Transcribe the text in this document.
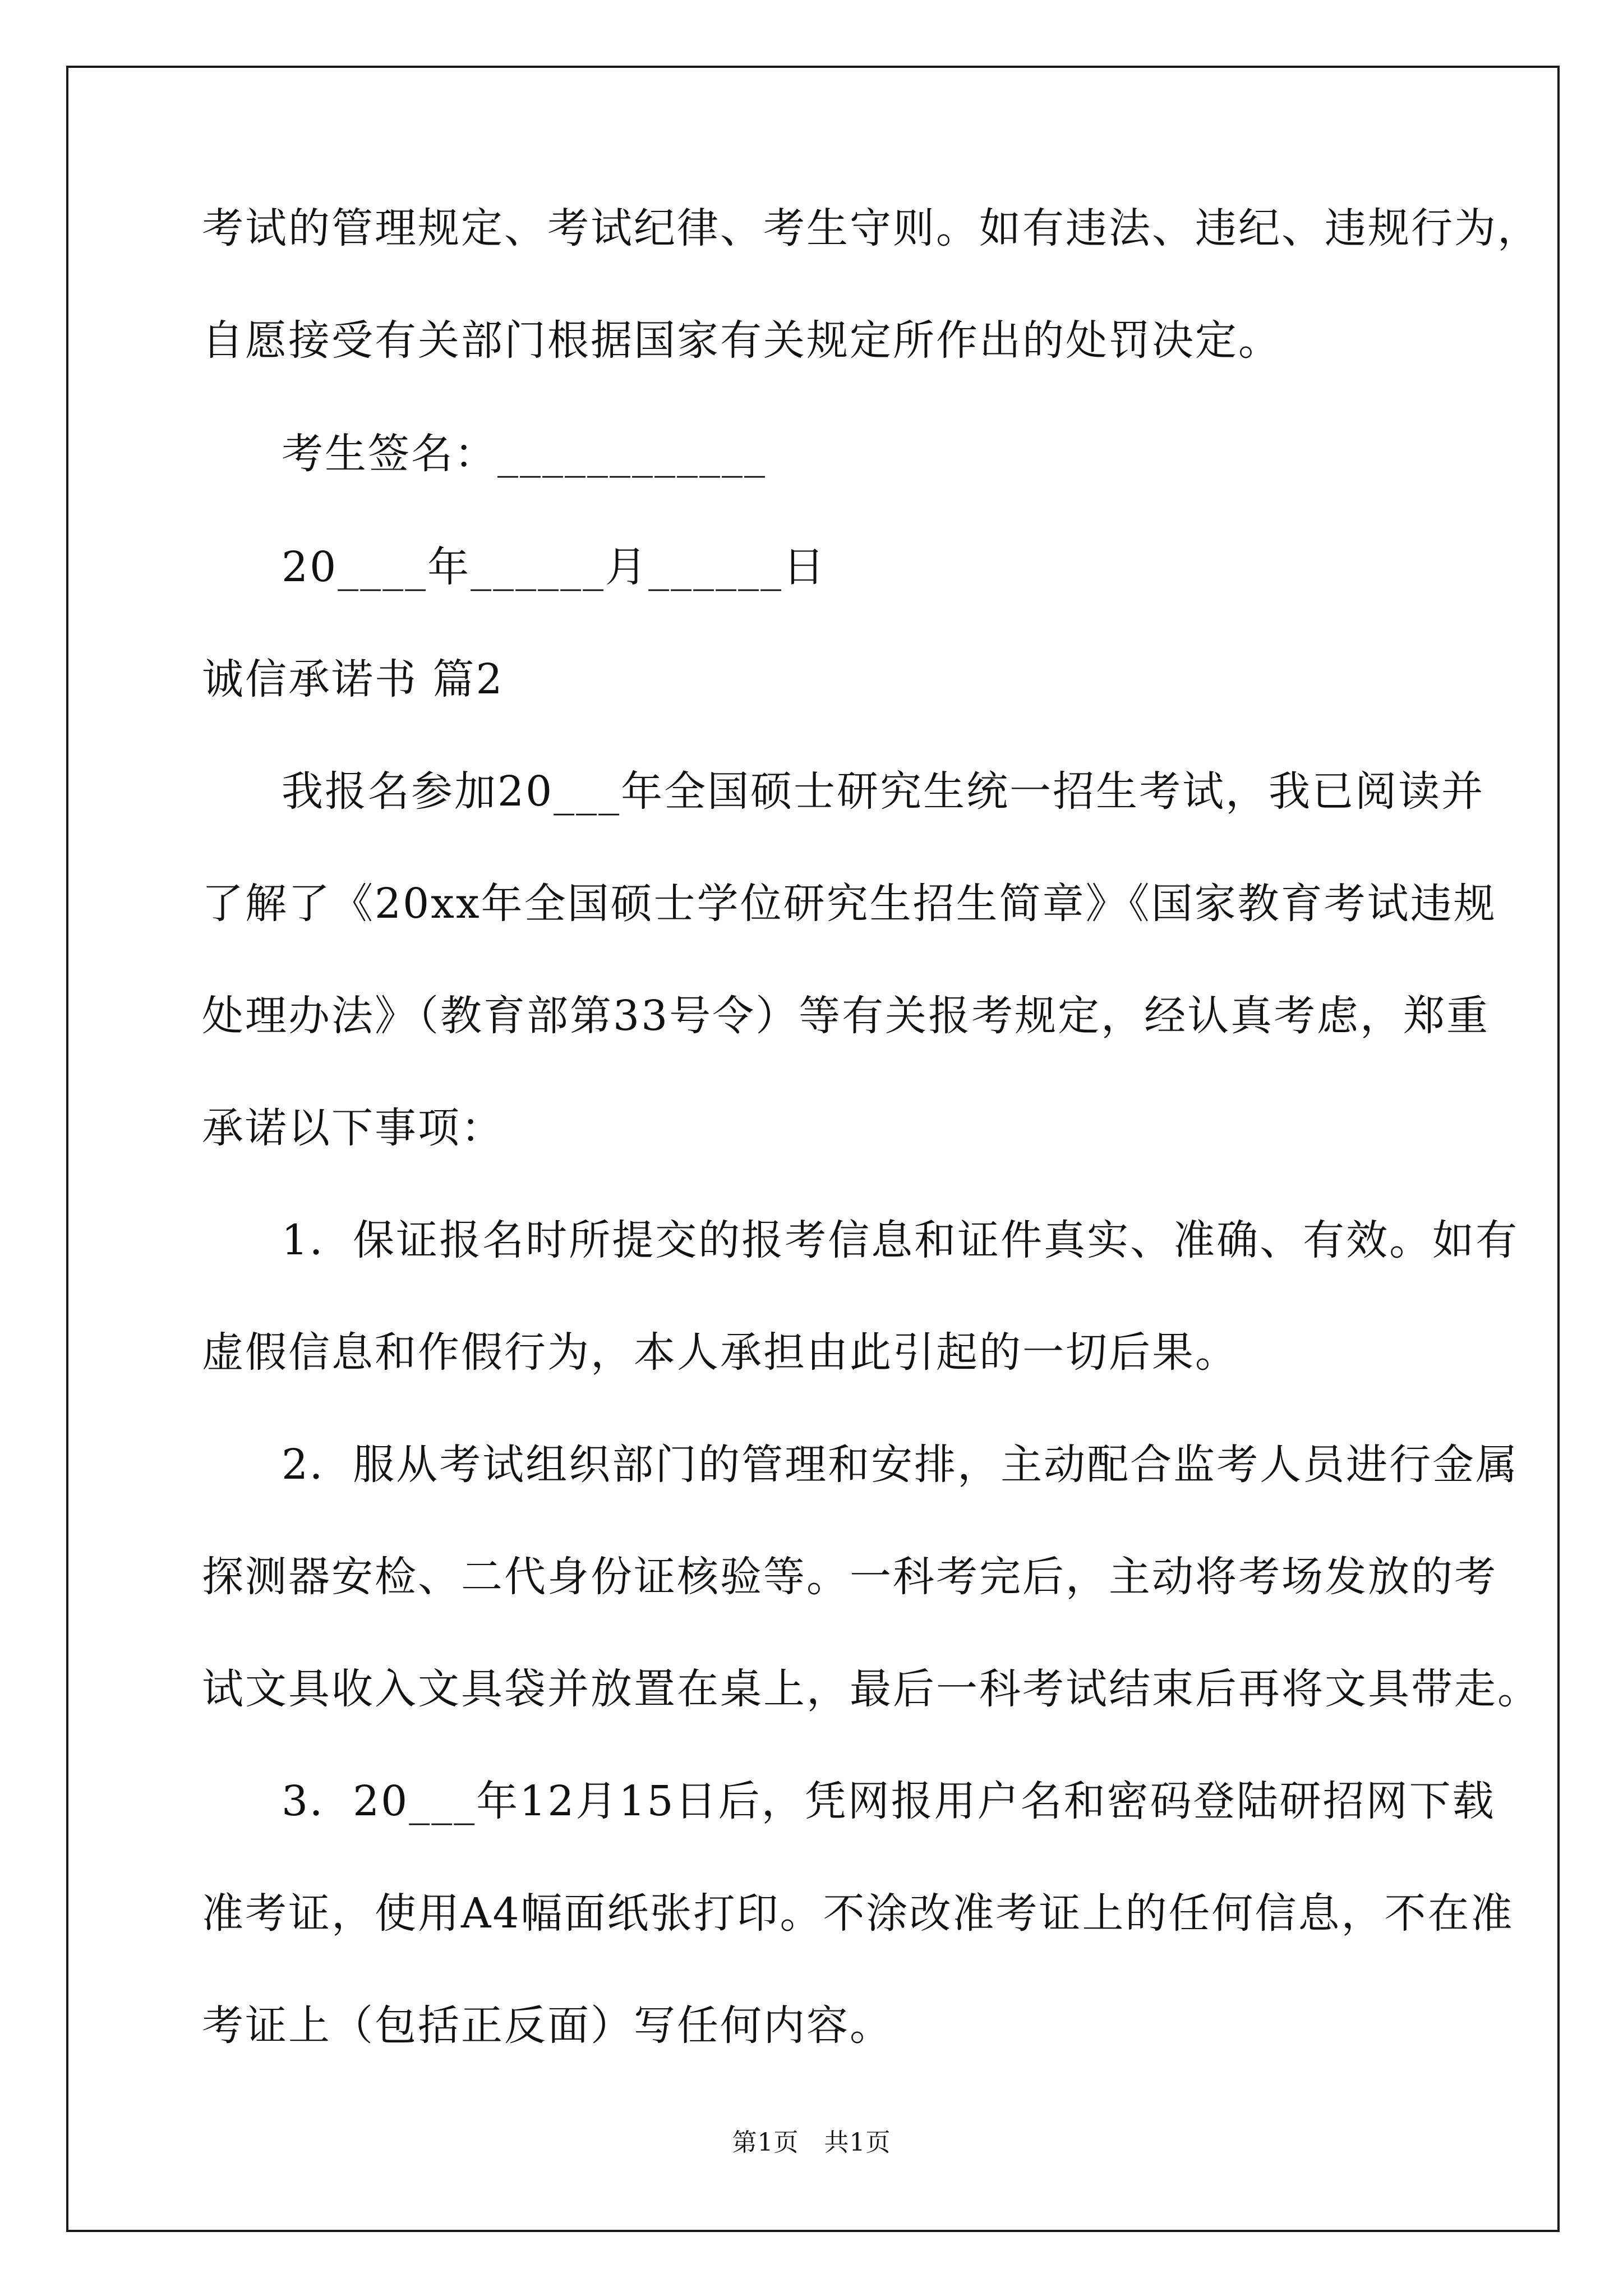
考试的管理规定、考试纪律、考生守则。如有违法、违纪、违规行为，

自愿接受有关部门根据国家有关规定所作出的处罚决定。

考生签名：____________

20____年______月______日

诚信承诺书 篇2

我报名参加20___年全国硕士研究生统一招生考试，我已阅读并

了解了《20xx年全国硕士学位研究生招生简章》《国家教育考试违规

处理办法》（教育部第33号令）等有关报考规定，经认真考虑，郑重

承诺以下事项：

1．保证报名时所提交的报考信息和证件真实、准确、有效。如有

虚假信息和作假行为，本人承担由此引起的一切后果。

2．服从考试组织部门的管理和安排，主动配合监考人员进行金属

探测器安检、二代身份证核验等。一科考完后，主动将考场发放的考

试文具收入文具袋并放置在桌上，最后一科考试结束后再将文具带走。

3．20___年12月15日后，凭网报用户名和密码登陆研招网下载

准考证，使用A4幅面纸张打印。不涂改准考证上的任何信息，不在准

考证上（包括正反面）写任何内容。

第1页   共1页
